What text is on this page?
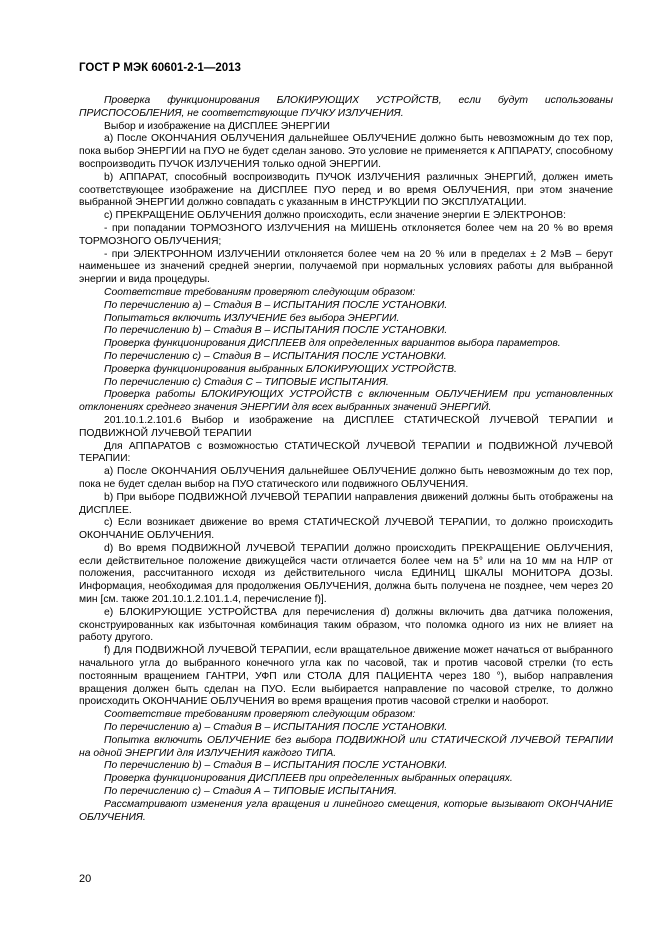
ГОСТ Р МЭК 60601-2-1—2013

Проверка функционирования БЛОКИРУЮЩИХ УСТРОЙСТВ, если будут использованы ПРИСПОСОБЛЕНИЯ, не соответствующие ПУЧКУ ИЗЛУЧЕНИЯ.

Выбор и изображение на ДИСПЛЕЕ ЭНЕРГИИ

a) После ОКОНЧАНИЯ ОБЛУЧЕНИЯ дальнейшее ОБЛУЧЕНИЕ должно быть невозможным до тех пор, пока выбор ЭНЕРГИИ на ПУО не будет сделан заново. Это условие не применяется к АППАРАТУ, способному воспроизводить ПУЧОК ИЗЛУЧЕНИЯ только одной ЭНЕРГИИ.

b) АППАРАТ, способный воспроизводить ПУЧОК ИЗЛУЧЕНИЯ различных ЭНЕРГИЙ, должен иметь соответствующее изображение на ДИСПЛЕЕ ПУО перед и во время ОБЛУЧЕНИЯ, при этом значение выбранной ЭНЕРГИИ должно совпадать с указанным в ИНСТРУКЦИИ ПО ЭКСПЛУАТАЦИИ.

c) ПРЕКРАЩЕНИЕ ОБЛУЧЕНИЯ должно происходить, если значение энергии E ЭЛЕКТРОНОВ:

- при попадании ТОРМОЗНОГО ИЗЛУЧЕНИЯ на МИШЕНЬ отклоняется более чем на 20 % во время ТОРМОЗНОГО ОБЛУЧЕНИЯ;

- при ЭЛЕКТРОННОМ ИЗЛУЧЕНИИ отклоняется более чем на 20 % или в пределах ± 2 МэВ – берут наименьшее из значений средней энергии, получаемой при нормальных условиях работы для выбранной энергии и вида процедуры.

Соответствие требованиям проверяют следующим образом:

По перечислению а) – Стадия B – ИСПЫТАНИЯ ПОСЛЕ УСТАНОВКИ.

Попытаться включить ИЗЛУЧЕНИЕ без выбора ЭНЕРГИИ.

По перечислению b) – Стадия B – ИСПЫТАНИЯ ПОСЛЕ УСТАНОВКИ.

Проверка функционирования ДИСПЛЕЕВ для определенных вариантов выбора параметров.

По перечислению с) – Стадия B – ИСПЫТАНИЯ ПОСЛЕ УСТАНОВКИ.

Проверка функционирования выбранных БЛОКИРУЮЩИХ УСТРОЙСТВ.

По перечислению с) Стадия С – ТИПОВЫЕ ИСПЫТАНИЯ.

Проверка работы БЛОКИРУЮЩИХ УСТРОЙСТВ с включенным ОБЛУЧЕНИЕМ при установленных отклонениях среднего значения ЭНЕРГИИ для всех выбранных значений ЭНЕРГИЙ.

201.10.1.2.101.6 Выбор и изображение на ДИСПЛЕЕ СТАТИЧЕСКОЙ ЛУЧЕВОЙ ТЕРАПИИ и ПОДВИЖНОЙ ЛУЧЕВОЙ ТЕРАПИИ

Для АППАРАТОВ с возможностью СТАТИЧЕСКОЙ ЛУЧЕВОЙ ТЕРАПИИ и ПОДВИЖНОЙ ЛУЧЕВОЙ ТЕРАПИИ:

a) После ОКОНЧАНИЯ ОБЛУЧЕНИЯ дальнейшее ОБЛУЧЕНИЕ должно быть невозможным до тех пор, пока не будет сделан выбор на ПУО статического или подвижного ОБЛУЧЕНИЯ.

b) При выборе ПОДВИЖНОЙ ЛУЧЕВОЙ ТЕРАПИИ направления движений должны быть отображены на ДИСПЛЕЕ.

c) Если возникает движение во время СТАТИЧЕСКОЙ ЛУЧЕВОЙ ТЕРАПИИ, то должно происходить ОКОНЧАНИЕ ОБЛУЧЕНИЯ.

d) Во время ПОДВИЖНОЙ ЛУЧЕВОЙ ТЕРАПИИ должно происходить ПРЕКРАЩЕНИЕ ОБЛУЧЕНИЯ, если действительное положение движущейся части отличается более чем на 5° или на 10 мм на НЛР от положения, рассчитанного исходя из действительного числа ЕДИНИЦ ШКАЛЫ МОНИТОРА ДОЗЫ. Информация, необходимая для продолжения ОБЛУЧЕНИЯ, должна быть получена не позднее, чем через 20 мин [см. также 201.10.1.2.101.1.4, перечисление f)].

e) БЛОКИРУЮЩИЕ УСТРОЙСТВА для перечисления d) должны включить два датчика положения, сконструированных как избыточная комбинация таким образом, что поломка одного из них не влияет на работу другого.

f) Для ПОДВИЖНОЙ ЛУЧЕВОЙ ТЕРАПИИ, если вращательное движение может начаться от выбранного начального угла до выбранного конечного угла как по часовой, так и против часовой стрелки (то есть постоянным вращением ГАНТРИ, УФП или СТОЛА ДЛЯ ПАЦИЕНТА через 180 °), выбор направления вращения должен быть сделан на ПУО. Если выбирается направление по часовой стрелке, то должно происходить ОКОНЧАНИЕ ОБЛУЧЕНИЯ во время вращения против часовой стрелки и наоборот.

Соответствие требованиям проверяют следующим образом:

По перечислению а) – Стадия B – ИСПЫТАНИЯ ПОСЛЕ УСТАНОВКИ.

Попытка включить ОБЛУЧЕНИЕ без выбора ПОДВИЖНОЙ или СТАТИЧЕСКОЙ ЛУЧЕВОЙ ТЕРАПИИ на одной ЭНЕРГИИ для ИЗЛУЧЕНИЯ каждого ТИПА.

По перечислению b) – Стадия B – ИСПЫТАНИЯ ПОСЛЕ УСТАНОВКИ.

Проверка функционирования ДИСПЛЕЕВ при определенных выбранных операциях.

По перечислению с) – Стадия А – ТИПОВЫЕ ИСПЫТАНИЯ.

Рассматривают изменения угла вращения и линейного смещения, которые вызывают ОКОНЧАНИЕ ОБЛУЧЕНИЯ.

20
